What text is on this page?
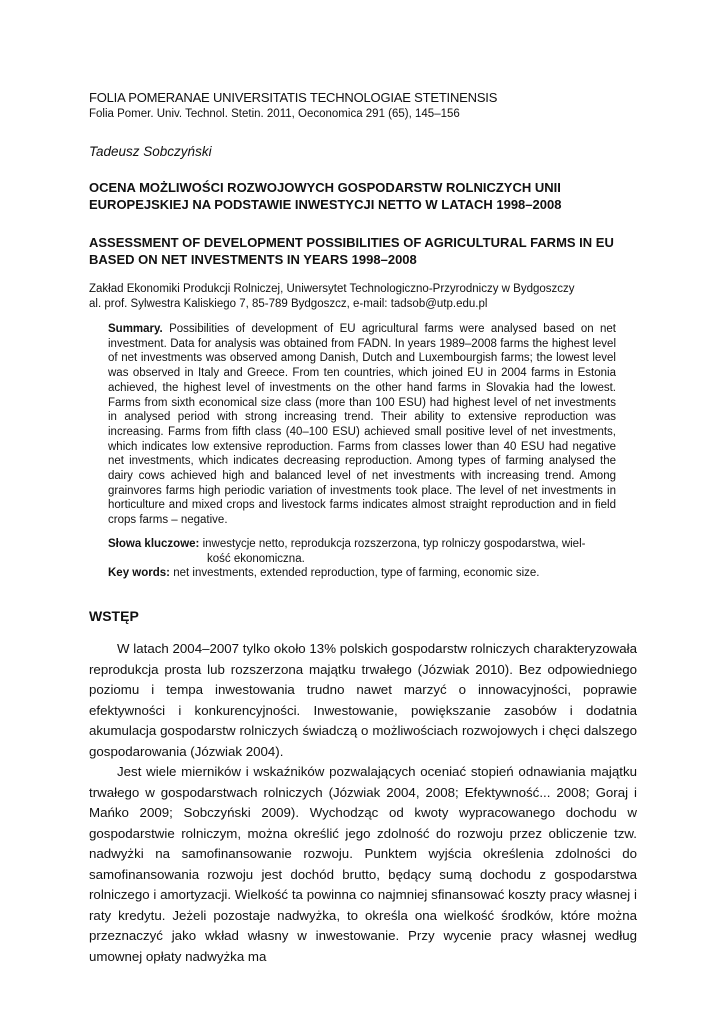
FOLIA POMERANAE UNIVERSITATIS TECHNOLOGIAE STETINENSIS
Folia Pomer. Univ. Technol. Stetin. 2011, Oeconomica 291 (65), 145–156
Tadeusz Sobczyński
OCENA MOŻLIWOŚCI ROZWOJOWYCH GOSPODARSTW ROLNICZYCH UNII EUROPEJSKIEJ NA PODSTAWIE INWESTYCJI NETTO W LATACH 1998–2008
ASSESSMENT OF DEVELOPMENT POSSIBILITIES OF AGRICULTURAL FARMS IN EU BASED ON NET INVESTMENTS IN YEARS 1998–2008
Zakład Ekonomiki Produkcji Rolniczej, Uniwersytet Technologiczno-Przyrodniczy w Bydgoszczy
al. prof. Sylwestra Kaliskiego 7, 85-789 Bydgoszcz, e-mail: tadsob@utp.edu.pl
Summary. Possibilities of development of EU agricultural farms were analysed based on net investment. Data for analysis was obtained from FADN. In years 1989–2008 farms the highest level of net investments was observed among Danish, Dutch and Luxembourgish farms; the lowest level was observed in Italy and Greece. From ten countries, which joined EU in 2004 farms in Estonia achieved, the highest level of investments on the other hand farms in Slovakia had the lowest. Farms from sixth economical size class (more than 100 ESU) had highest level of net investments in analysed period with strong increasing trend. Their ability to extensive reproduction was increasing. Farms from fifth class (40–100 ESU) achieved small positive level of net investments, which indicates low extensive reproduction. Farms from classes lower than 40 ESU had negative net investments, which indicates decreasing reproduction. Among types of farming analysed the dairy cows achieved high and balanced level of net investments with increasing trend. Among grainvores farms high periodic variation of investments took place. The level of net investments in horticulture and mixed crops and livestock farms indicates almost straight reproduction and in field crops farms – negative.
Słowa kluczowe: inwestycje netto, reprodukcja rozszerzona, typ rolniczy gospodarstwa, wiel-
kość ekonomiczna.
Key words: net investments, extended reproduction, type of farming, economic size.
WSTĘP

W latach 2004–2007 tylko około 13% polskich gospodarstw rolniczych charakteryzowała reprodukcja prosta lub rozszerzona majątku trwałego (Józwiak 2010). Bez odpowiedniego poziomu i tempa inwestowania trudno nawet marzyć o innowacyjności, poprawie efektywności i konkurencyjności. Inwestowanie, powiększanie zasobów i dodatnia akumulacja gospodarstw rolniczych świadczą o możliwościach rozwojowych i chęci dalszego gospodarowania (Józwiak 2004).

Jest wiele mierników i wskaźników pozwalających oceniać stopień odnawiania majątku trwałego w gospodarstwach rolniczych (Józwiak 2004, 2008; Efektywność... 2008; Goraj i Mańko 2009; Sobczyński 2009). Wychodząc od kwoty wypracowanego dochodu w gospodarstwie rolniczym, można określić jego zdolność do rozwoju przez obliczenie tzw. nadwyżki na samofinansowanie rozwoju. Punktem wyjścia określenia zdolności do samofinansowania rozwoju jest dochód brutto, będący sumą dochodu z gospodarstwa rolniczego i amortyzacji. Wielkość ta powinna co najmniej sfinansować koszty pracy własnej i raty kredytu. Jeżeli pozostaje nadwyżka, to określa ona wielkość środków, które można przeznaczyć jako wkład własny w inwestowanie. Przy wycenie pracy własnej według umownej opłaty nadwyżka ma
